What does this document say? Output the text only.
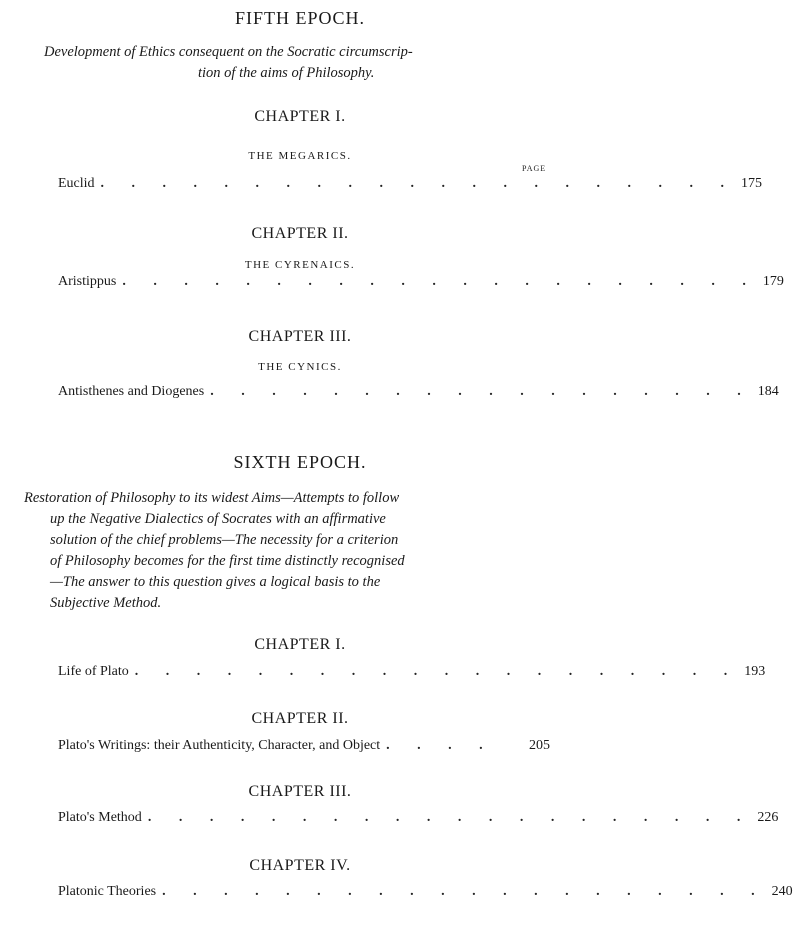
FIFTH EPOCH.
Development of Ethics consequent on the Socratic circumscrip-
tion of the aims of Philosophy.
CHAPTER I.
THE MEGARICS.
PAGE
Euclid . . . . . . . . . . . . . . . . . . . . . 175
CHAPTER II.
THE CYRENAICS.
Aristippus . . . . . . . . . . . . . . . . . . . . . 179
CHAPTER III.
THE CYNICS.
Antisthenes and Diogenes . . . . . . . . . . . . . . . . . . 184
SIXTH EPOCH.
Restoration of Philosophy to its widest Aims—Attempts to follow
up the Negative Dialectics of Socrates with an affirmative
solution of the chief problems—The necessity for a criterion
of Philosophy becomes for the first time distinctly recognised
—The answer to this question gives a logical basis to the
Subjective Method.
CHAPTER I.
Life of Plato . . . . . . . . . . . . . . . . . . . . 193
CHAPTER II.
Plato's Writings: their Authenticity, Character, and Object . . . .	205
CHAPTER III.
Plato's Method . . . . . . . . . . . . . . . . . . . . 226
CHAPTER IV.
Platonic Theories . . . . . . . . . . . . . . . . . . . . 240
